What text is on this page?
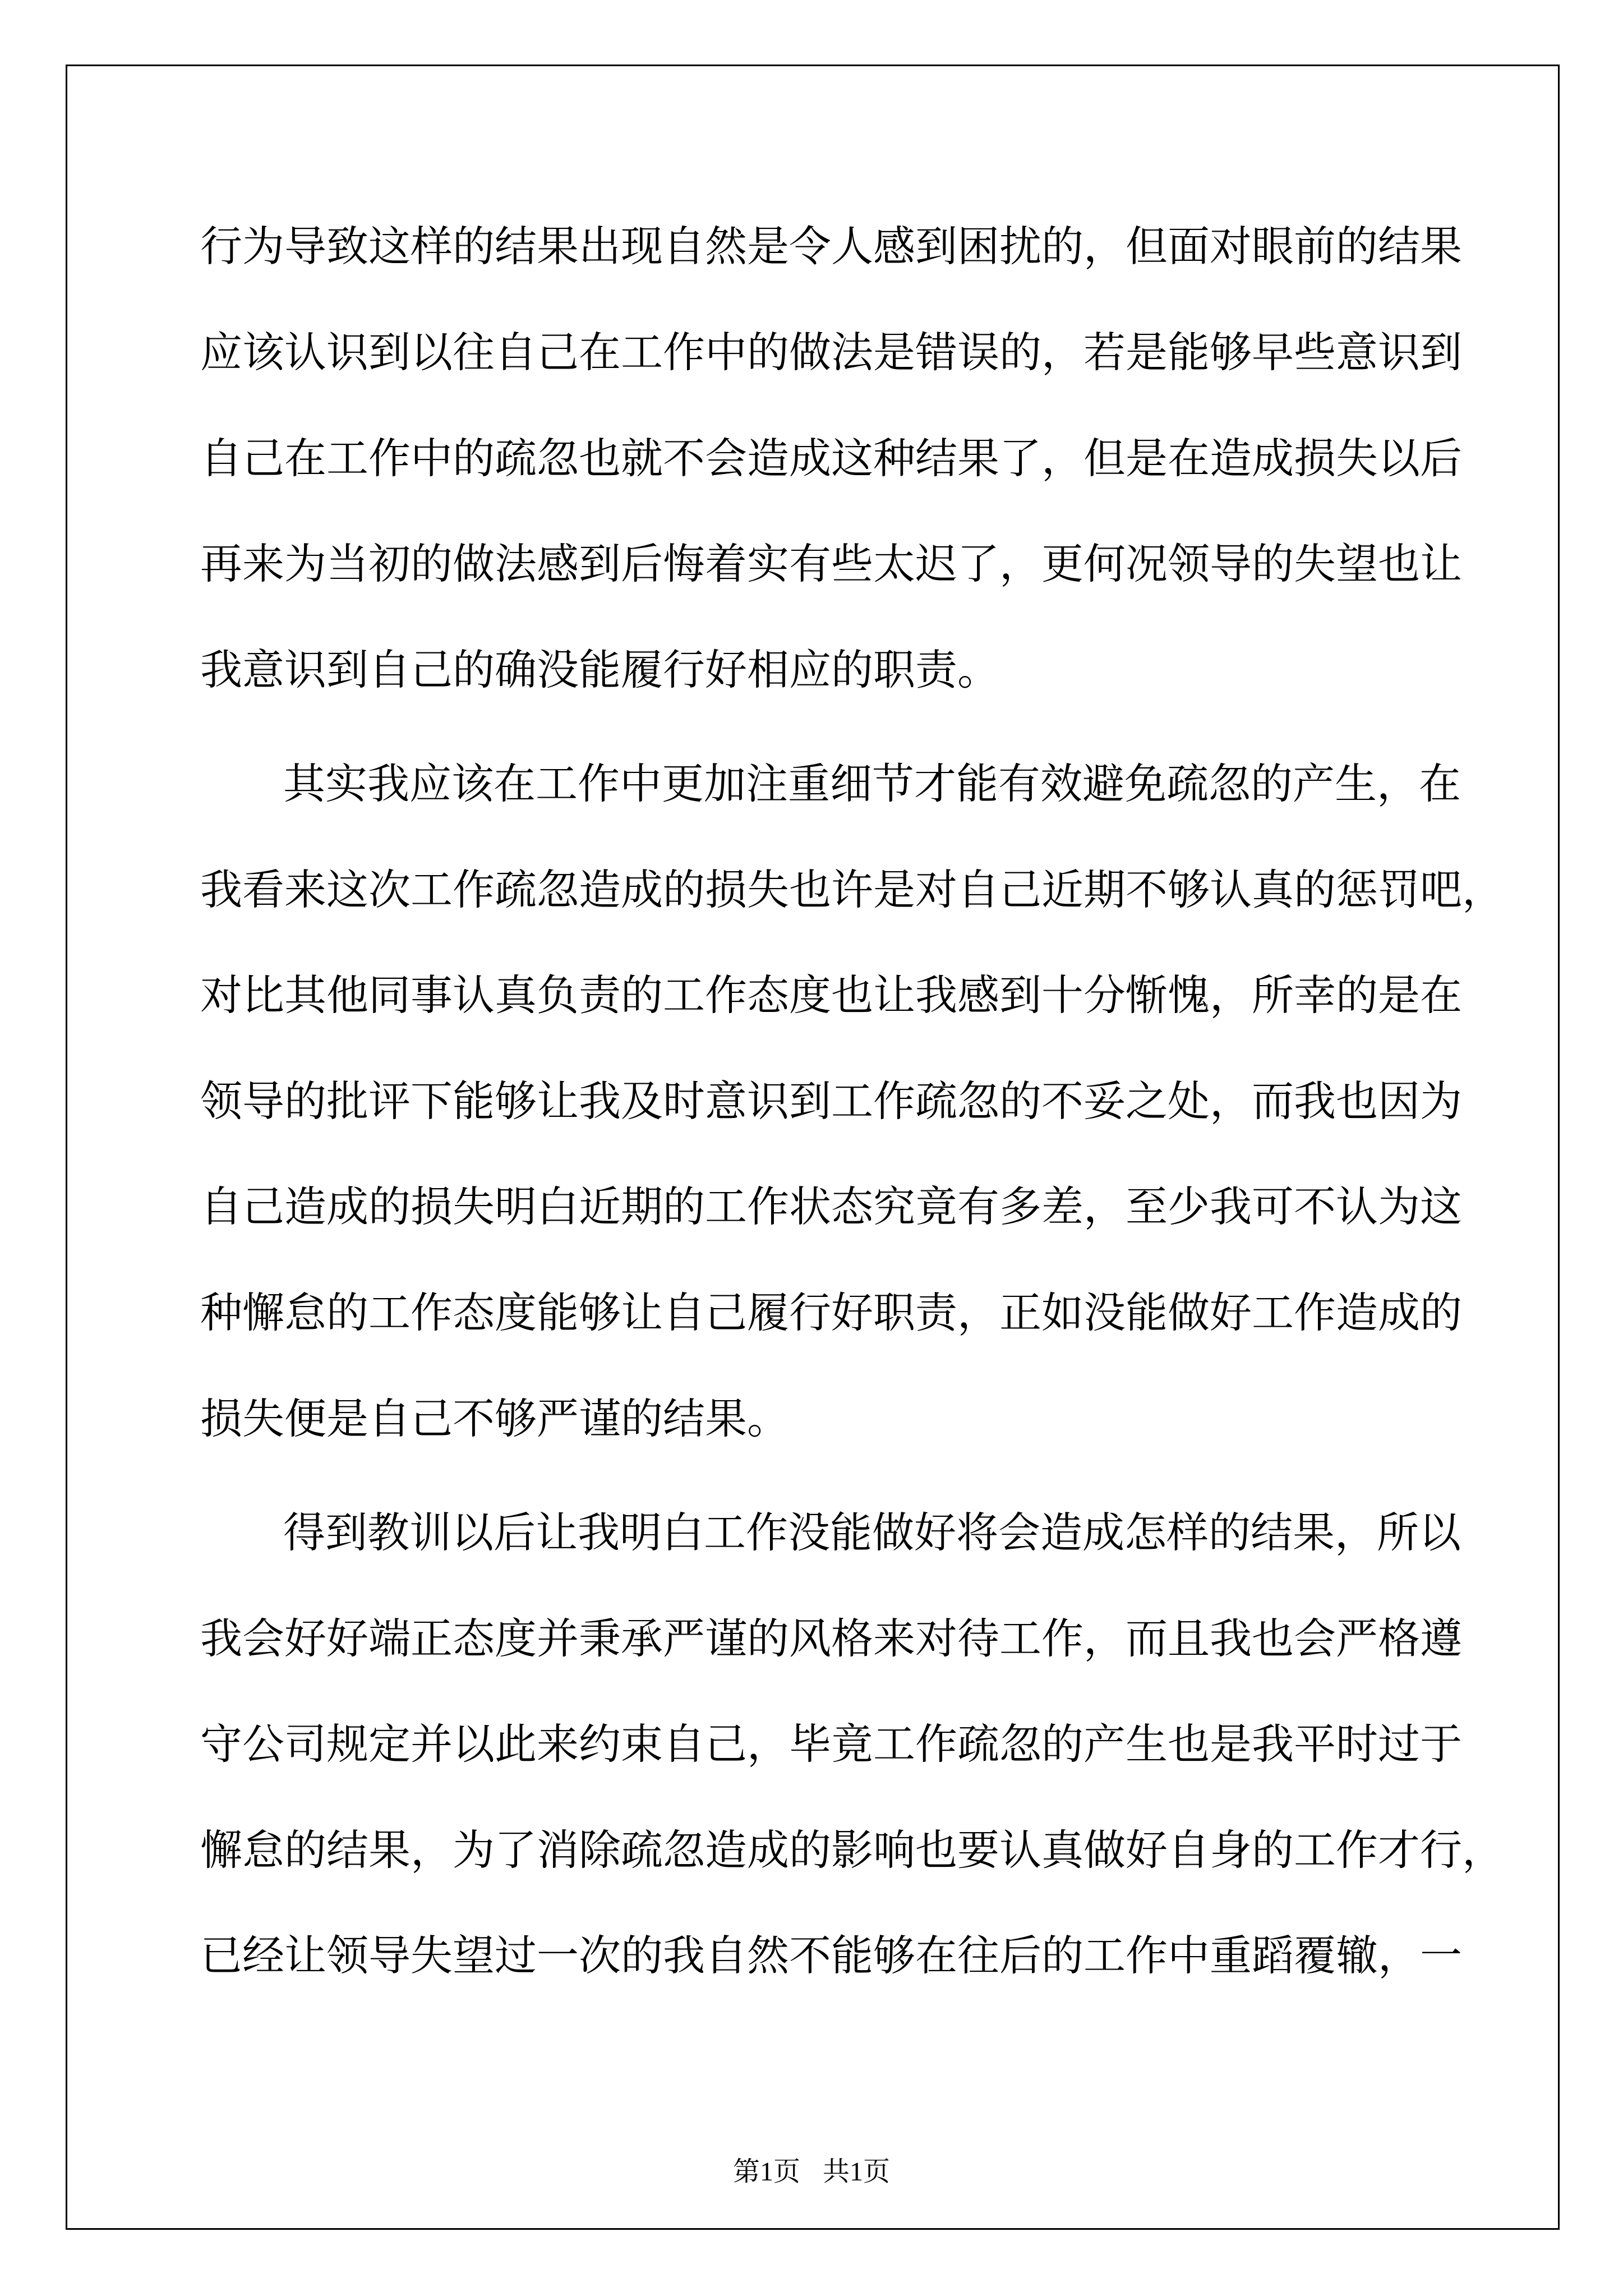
行为导致这样的结果出现自然是令人感到困扰的，但面对眼前的结果
应该认识到以往自己在工作中的做法是错误的，若是能够早些意识到
自己在工作中的疏忽也就不会造成这种结果了，但是在造成损失以后
再来为当初的做法感到后悔着实有些太迟了，更何况领导的失望也让
我意识到自己的确没能履行好相应的职责。
其实我应该在工作中更加注重细节才能有效避免疏忽的产生，在
我看来这次工作疏忽造成的损失也许是对自己近期不够认真的惩罚吧，
对比其他同事认真负责的工作态度也让我感到十分惭愧，所幸的是在
领导的批评下能够让我及时意识到工作疏忽的不妥之处，而我也因为
自己造成的损失明白近期的工作状态究竟有多差，至少我可不认为这
种懈怠的工作态度能够让自己履行好职责，正如没能做好工作造成的
损失便是自己不够严谨的结果。
得到教训以后让我明白工作没能做好将会造成怎样的结果，所以
我会好好端正态度并秉承严谨的风格来对待工作，而且我也会严格遵
守公司规定并以此来约束自己，毕竟工作疏忽的产生也是我平时过于
懈怠的结果，为了消除疏忽造成的影响也要认真做好自身的工作才行，
已经让领导失望过一次的我自然不能够在往后的工作中重蹈覆辙，一
第1页 共1页
